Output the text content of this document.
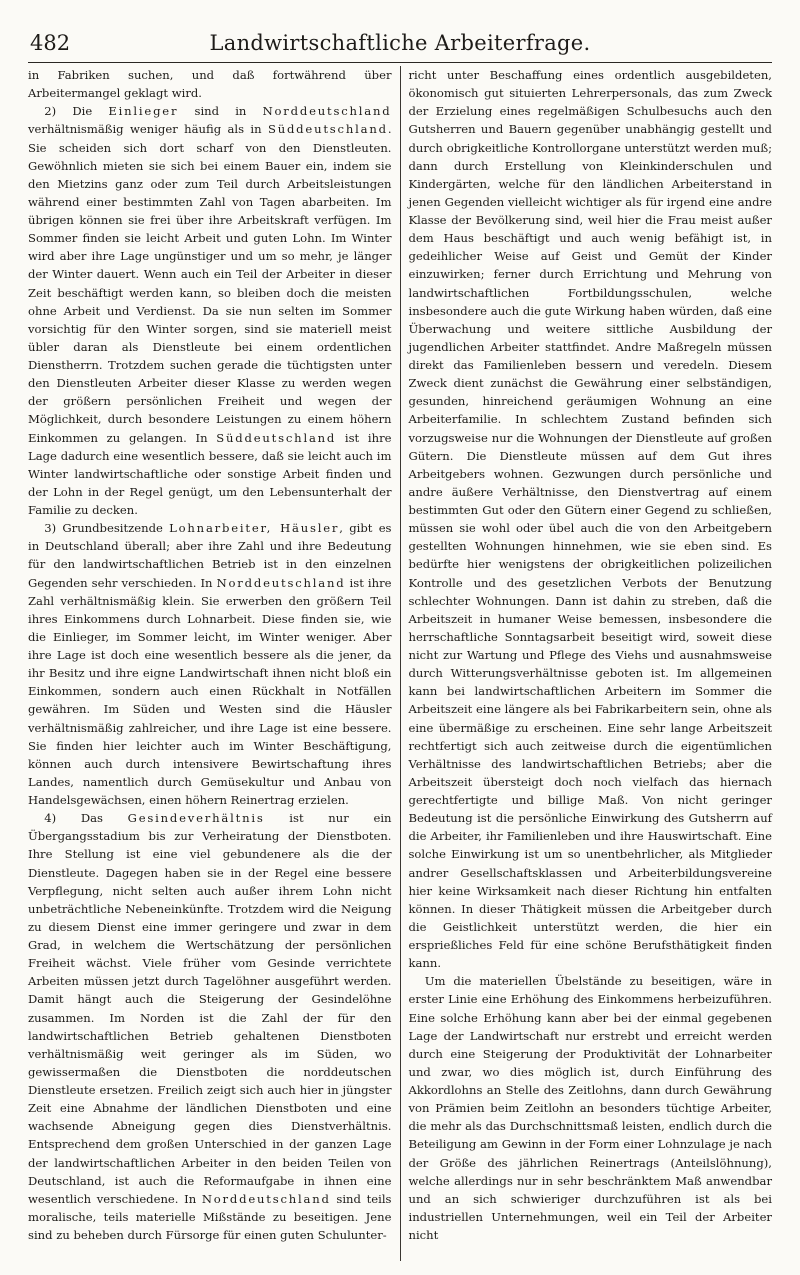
482	Landwirtschaftliche Arbeiterfrage.

in Fabriken suchen, und daß fortwährend über Arbeitermangel geklagt wird.

2) Die Einlieger sind in Norddeutschland verhältnismäßig weniger häufig als in Süddeutschland. Sie scheiden sich dort scharf von den Dienstleuten. Gewöhnlich mieten sie sich bei einem Bauer ein, indem sie den Mietzins ganz oder zum Teil durch Arbeitsleistungen während einer bestimmten Zahl von Tagen abarbeiten. Im übrigen können sie frei über ihre Arbeitskraft verfügen. Im Sommer finden sie leicht Arbeit und guten Lohn. Im Winter wird aber ihre Lage ungünstiger und um so mehr, je länger der Winter dauert. Wenn auch ein Teil der Arbeiter in dieser Zeit beschäftigt werden kann, so bleiben doch die meisten ohne Arbeit und Verdienst. Da sie nun selten im Sommer vorsichtig für den Winter sorgen, sind sie materiell meist übler daran als Dienstleute bei einem ordentlichen Dienstherrn. Trotzdem suchen gerade die tüchtigsten unter den Dienstleuten Arbeiter dieser Klasse zu werden wegen der größern persönlichen Freiheit und wegen der Möglichkeit, durch besondere Leistungen zu einem höhern Einkommen zu gelangen. In Süddeutschland ist ihre Lage dadurch eine wesentlich bessere, daß sie leicht auch im Winter landwirtschaftliche oder sonstige Arbeit finden und der Lohn in der Regel genügt, um den Lebensunterhalt der Familie zu decken.

3) Grundbesitzende Lohnarbeiter, Häusler, gibt es in Deutschland überall; aber ihre Zahl und ihre Bedeutung für den landwirtschaftlichen Betrieb ist in den einzelnen Gegenden sehr verschieden. In Norddeutschland ist ihre Zahl verhältnismäßig klein. Sie erwerben den größern Teil ihres Einkommens durch Lohnarbeit. Diese finden sie, wie die Einlieger, im Sommer leicht, im Winter weniger. Aber ihre Lage ist doch eine wesentlich bessere als die jener, da ihr Besitz und ihre eigne Landwirtschaft ihnen nicht bloß ein Einkommen, sondern auch einen Rückhalt in Notfällen gewähren. Im Süden und Westen sind die Häusler verhältnismäßig zahlreicher, und ihre Lage ist eine bessere. Sie finden hier leichter auch im Winter Beschäftigung, können auch durch intensivere Bewirtschaftung ihres Landes, namentlich durch Gemüsekultur und Anbau von Handelsgewächsen, einen höhern Reinertrag erzielen.

4) Das Gesindeverhältnis ist nur ein Übergangsstadium bis zur Verheiratung der Dienstboten. Ihre Stellung ist eine viel gebundenere als die der Dienstleute. Dagegen haben sie in der Regel eine bessere Verpflegung, nicht selten auch außer ihrem Lohn nicht unbeträchtliche Nebeneinkünfte. Trotzdem wird die Neigung zu diesem Dienst eine immer geringere und zwar in dem Grad, in welchem die Wertschätzung der persönlichen Freiheit wächst. Viele früher vom Gesinde verrichtete Arbeiten müssen jetzt durch Tagelöhner ausgeführt werden. Damit hängt auch die Steigerung der Gesindelöhne zusammen. Im Norden ist die Zahl der für den landwirtschaftlichen Betrieb gehaltenen Dienstboten verhältnismäßig weit geringer als im Süden, wo gewissermaßen die Dienstboten die norddeutschen Dienstleute ersetzen. Freilich zeigt sich auch hier in jüngster Zeit eine Abnahme der ländlichen Dienstboten und eine wachsende Abneigung gegen dies Dienstverhältnis. Entsprechend dem großen Unterschied in der ganzen Lage der landwirtschaftlichen Arbeiter in den beiden Teilen von Deutschland, ist auch die Reformaufgabe in ihnen eine wesentlich verschiedene. In Norddeutschland sind teils moralische, teils materielle Mißstände zu beseitigen. Jene sind zu beheben durch Fürsorge für einen guten Schulunter-

richt unter Beschaffung eines ordentlich ausgebildeten, ökonomisch gut situierten Lehrerpersonals, das zum Zweck der Erzielung eines regelmäßigen Schulbesuchs auch den Gutsherren und Bauern gegenüber unabhängig gestellt und durch obrigkeitliche Kontrollorgane unterstützt werden muß; dann durch Erstellung von Kleinkinderschulen und Kindergärten, welche für den ländlichen Arbeiterstand in jenen Gegenden vielleicht wichtiger als für irgend eine andre Klasse der Bevölkerung sind, weil hier die Frau meist außer dem Haus beschäftigt und auch wenig befähigt ist, in gedeihlicher Weise auf Geist und Gemüt der Kinder einzuwirken; ferner durch Errichtung und Mehrung von landwirtschaftlichen Fortbildungsschulen, welche insbesondere auch die gute Wirkung haben würden, daß eine Überwachung und weitere sittliche Ausbildung der jugendlichen Arbeiter stattfindet. Andre Maßregeln müssen direkt das Familienleben bessern und veredeln. Diesem Zweck dient zunächst die Gewährung einer selbständigen, gesunden, hinreichend geräumigen Wohnung an eine Arbeiterfamilie. In schlechtem Zustand befinden sich vorzugsweise nur die Wohnungen der Dienstleute auf großen Gütern. Die Dienstleute müssen auf dem Gut ihres Arbeitgebers wohnen. Gezwungen durch persönliche und andre äußere Verhältnisse, den Dienstvertrag auf einem bestimmten Gut oder den Gütern einer Gegend zu schließen, müssen sie wohl oder übel auch die von den Arbeitgebern gestellten Wohnungen hinnehmen, wie sie eben sind. Es bedürfte hier wenigstens der obrigkeitlichen polizeilichen Kontrolle und des gesetzlichen Verbots der Benutzung schlechter Wohnungen. Dann ist dahin zu streben, daß die Arbeitszeit in humaner Weise bemessen, insbesondere die herrschaftliche Sonntagsarbeit beseitigt wird, soweit diese nicht zur Wartung und Pflege des Viehs und ausnahmsweise durch Witterungsverhältnisse geboten ist. Im allgemeinen kann bei landwirtschaftlichen Arbeitern im Sommer die Arbeitszeit eine längere als bei Fabrikarbeitern sein, ohne als eine übermäßige zu erscheinen. Eine sehr lange Arbeitszeit rechtfertigt sich auch zeitweise durch die eigentümlichen Verhältnisse des landwirtschaftlichen Betriebs; aber die Arbeitszeit übersteigt doch noch vielfach das hiernach gerechtfertigte und billige Maß. Von nicht geringer Bedeutung ist die persönliche Einwirkung des Gutsherrn auf die Arbeiter, ihr Familienleben und ihre Hauswirtschaft. Eine solche Einwirkung ist um so unentbehrlicher, als Mitglieder andrer Gesellschaftsklassen und Arbeiterbildungsvereine hier keine Wirksamkeit nach dieser Richtung hin entfalten können. In dieser Thätigkeit müssen die Arbeitgeber durch die Geistlichkeit unterstützt werden, die hier ein ersprießliches Feld für eine schöne Berufsthätigkeit finden kann.

Um die materiellen Übelstände zu beseitigen, wäre in erster Linie eine Erhöhung des Einkommens herbeizuführen. Eine solche Erhöhung kann aber bei der einmal gegebenen Lage der Landwirtschaft nur erstrebt und erreicht werden durch eine Steigerung der Produktivität der Lohnarbeiter und zwar, wo dies möglich ist, durch Einführung des Akkordlohns an Stelle des Zeitlohns, dann durch Gewährung von Prämien beim Zeitlohn an besonders tüchtige Arbeiter, die mehr als das Durchschnittsmaß leisten, endlich durch die Beteiligung am Gewinn in der Form einer Lohnzulage je nach der Größe des jährlichen Reinertrags (Anteilslöhnung), welche allerdings nur in sehr beschränktem Maß anwendbar und an sich schwieriger durchzuführen ist als bei industriellen Unternehmungen, weil ein Teil der Arbeiter nicht
